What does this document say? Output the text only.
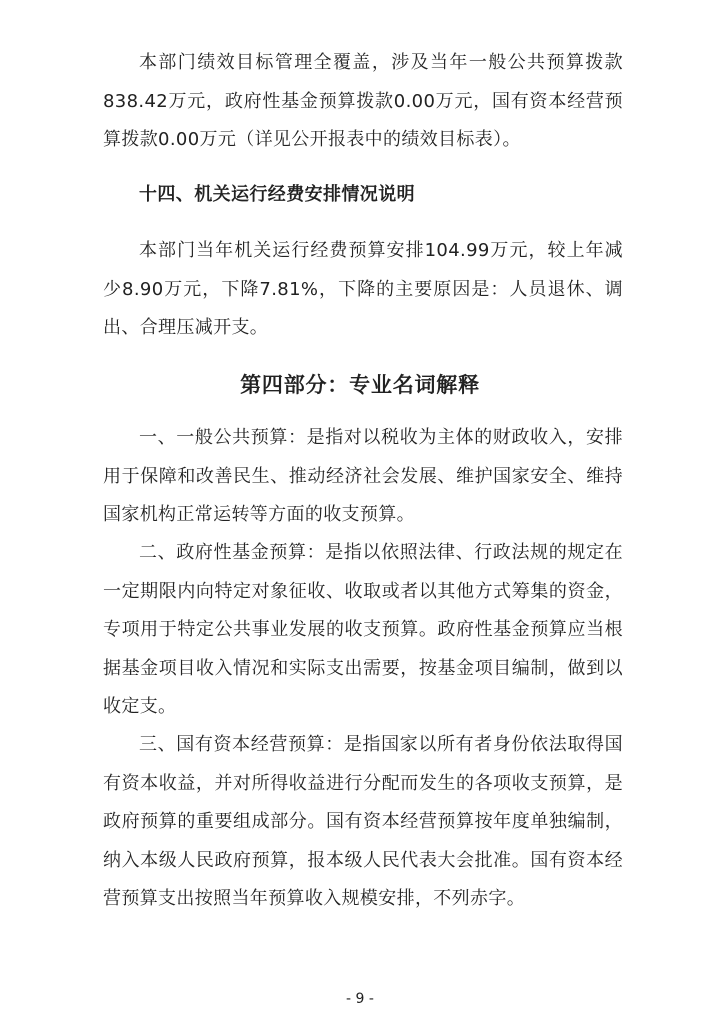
本部门绩效目标管理全覆盖，涉及当年一般公共预算拨款838.42万元，政府性基金预算拨款0.00万元，国有资本经营预算拨款0.00万元（详见公开报表中的绩效目标表）。

十四、机关运行经费安排情况说明

本部门当年机关运行经费预算安排104.99万元，较上年减少8.90万元，下降7.81%，下降的主要原因是：人员退休、调出、合理压减开支。

第四部分：专业名词解释

一、一般公共预算：是指对以税收为主体的财政收入，安排用于保障和改善民生、推动经济社会发展、维护国家安全、维持国家机构正常运转等方面的收支预算。

二、政府性基金预算：是指以依照法律、行政法规的规定在一定期限内向特定对象征收、收取或者以其他方式筹集的资金，专项用于特定公共事业发展的收支预算。政府性基金预算应当根据基金项目收入情况和实际支出需要，按基金项目编制，做到以收定支。

三、国有资本经营预算：是指国家以所有者身份依法取得国有资本收益，并对所得收益进行分配而发生的各项收支预算，是政府预算的重要组成部分。国有资本经营预算按年度单独编制，纳入本级人民政府预算，报本级人民代表大会批准。国有资本经营预算支出按照当年预算收入规模安排，不列赤字。

- 9 -
